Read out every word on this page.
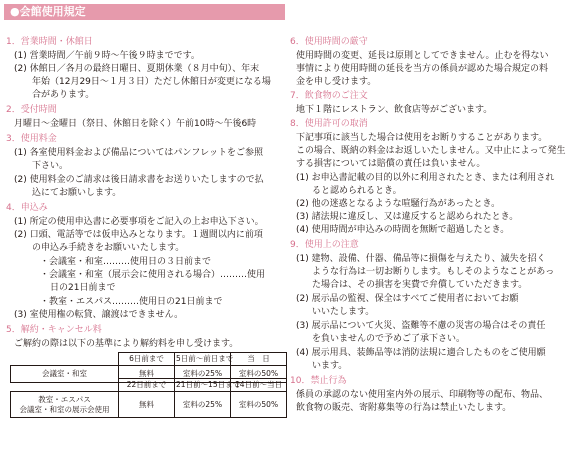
●会館使用規定
1．営業時間・休館日
(1) 営業時間／午前９時〜午後９時までです。
(2) 休館日／各月の最終日曜日、夏期休業（８月中旬）、年末
年始（12月29日〜１月３日）ただし休館日が変更になる場
合があります。
2．受付時間
月曜日〜金曜日（祭日、休館日を除く）午前10時〜午後6時
3．使用料金
(1) 各室使用料金および備品についてはパンフレットをご参照
下さい。
(2) 使用料金のご請求は後日請求書をお送りいたしますので払
込にてお願いします。
4．申込み
(1) 所定の使用申込書に必要事項をご記入の上お申込下さい。
(2) 口頭、電話等では仮申込みとなります。１週間以内に前項
の申込み手続きをお願いいたします。
・会議室・和室………使用日の３日前まで
・会議室・和室（展示会に使用される場合）………使用
日の21日前まで
・教室・エスパス………使用日の21日前まで
(3) 室使用権の転貸、譲渡はできません。
5．解約・キャンセル料
ご解約の際は以下の基準により解約料を申し受けます。
	6日前まで	5日前〜前日まで	当　日
会議室・和室	無料	室料の25%	室料の50%
	22日前まで	21日前〜15日まで	14日前〜当日

教室・エスパス
会議室・和室の展示会使用	無料	室料の25%	室料の50%
6．使用時間の厳守
使用時間の変更、延長は原則としてできません。止むを得ない
事情により使用時間の延長を当方の係員が認めた場合規定の料
金を申し受けます。
7．飲食物のご注文
地下１階にレストラン、飲食店等がございます。
8．使用許可の取消
下記事項に該当した場合は使用をお断りすることがあります。
この場合、既納の料金はお返しいたしません。又中止によって発生
する損害については賠償の責任は負いません。
(1) お申込書記載の目的以外に利用されたとき、または利用され
ると認められるとき。
(2) 他の迷惑となるような喧騒行為があったとき。
(3) 諸法規に違反し、又は違反すると認められたとき。
(4) 使用時間が申込みの時間を無断で超過したとき。
9．使用上の注意
(1) 建物、設備、什器、備品等に損傷を与えたり、滅失を招く
ような行為は一切お断りします。もしそのようなことがあっ
た場合は、その損害を実費で弁償していただきます。
(2) 展示品の監視、保全はすべてご使用者においてお願
いいたします。
(3) 展示品について火災、盗難等不慮の災害の場合はその責任
を負いませんので予めご了承下さい。
(4) 展示用具、装飾品等は消防法規に適合したものをご使用願
います。
10．禁止行為
係員の承認のない使用室内外の展示、印刷物等の配布、物品、
飲食物の販売、寄附募集等の行為は禁止いたします。
